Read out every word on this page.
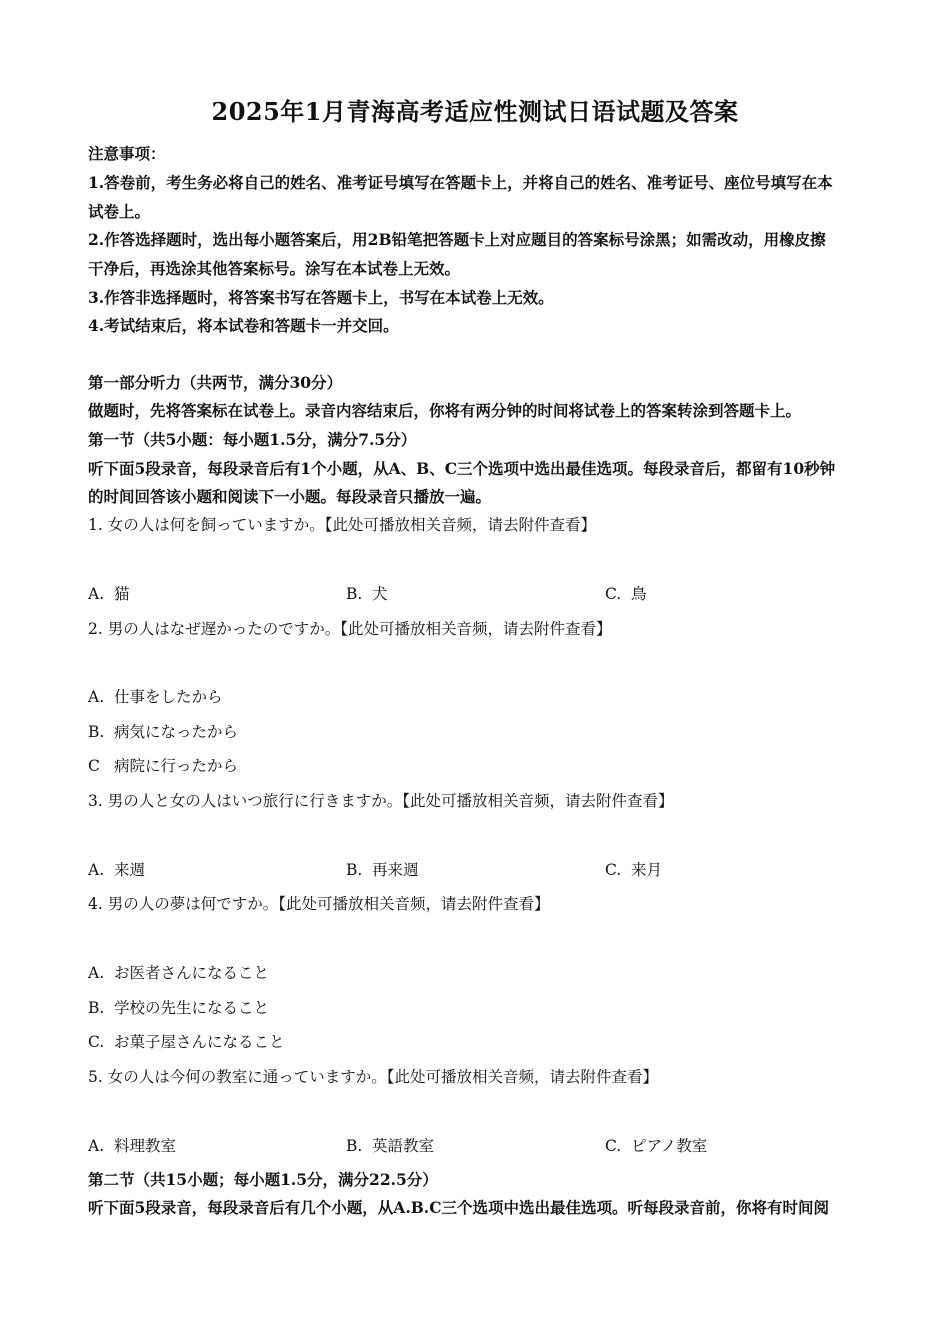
2025年1月青海高考适应性测试日语试题及答案
注意事项：
1.答卷前，考生务必将自己的姓名、准考证号填写在答题卡上，并将自己的姓名、准考证号、座位号填写在本
试卷上。
2.作答选择题时，选出每小题答案后，用2B铅笔把答题卡上对应题目的答案标号涂黑；如需改动，用橡皮擦
干净后，再选涂其他答案标号。涂写在本试卷上无效。
3.作答非选择题时，将答案书写在答题卡上，书写在本试卷上无效。
4.考试结束后，将本试卷和答题卡一并交回。
第一部分听力（共两节，满分30分）
做题时，先将答案标在试卷上。录音内容结束后，你将有两分钟的时间将试卷上的答案转涂到答题卡上。
第一节（共5小题：每小题1.5分，满分7.5分）
听下面5段录音，每段录音后有1个小题，从A、B、C三个选项中选出最佳选项。每段录音后，都留有10秒钟
的时间回答该小题和阅读下一小题。每段录音只播放一遍。
1. 女の人は何を飼っていますか。【此处可播放相关音频，请去附件查看】
A. 猫	B. 犬	C. 鳥
2. 男の人はなぜ遅かったのですか。【此处可播放相关音频，请去附件查看】
A. 仕事をしたから
B. 病気になったから
C 病院に行ったから
3. 男の人と女の人はいつ旅行に行きますか。【此处可播放相关音频，请去附件查看】
A. 来週	B. 再来週	C. 来月
4. 男の人の夢は何ですか。【此处可播放相关音频，请去附件查看】
A. お医者さんになること
B. 学校の先生になること
C. お菓子屋さんになること
5. 女の人は今何の教室に通っていますか。【此处可播放相关音频，请去附件查看】
A. 料理教室	B. 英語教室	C. ピアノ教室
第二节（共15小题；每小题1.5分，满分22.5分）
听下面5段录音，每段录音后有几个小题，从A.B.C三个选项中选出最佳选项。听每段录音前，你将有时间阅
